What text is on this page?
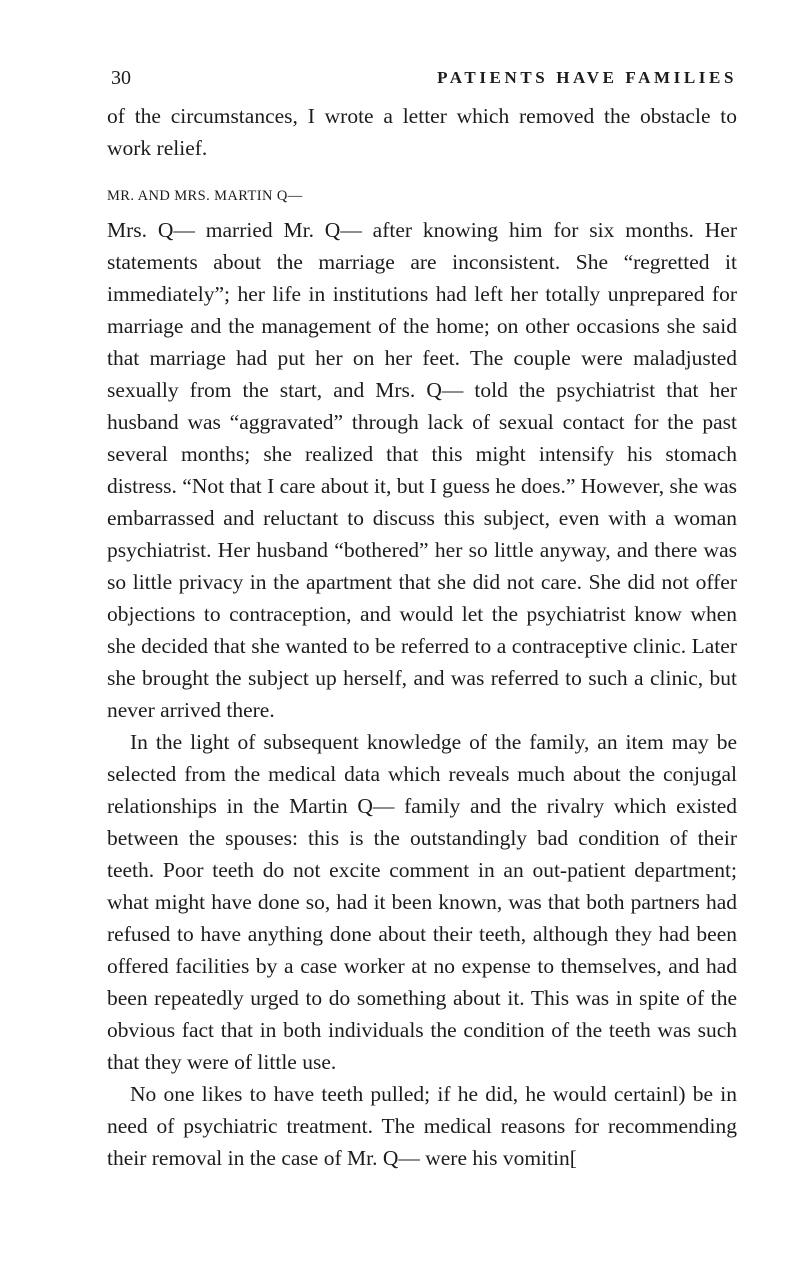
30	PATIENTS HAVE FAMILIES

of the circumstances, I wrote a letter which removed the obstacle to work relief.

MR. AND MRS. MARTIN Q—

Mrs. Q— married Mr. Q— after knowing him for six months. Her statements about the marriage are inconsistent. She “regretted it immediately”; her life in institutions had left her totally unprepared for marriage and the management of the home; on other occasions she said that marriage had put her on her feet. The couple were maladjusted sexually from the start, and Mrs. Q— told the psychiatrist that her husband was “aggravated” through lack of sexual contact for the past several months; she realized that this might intensify his stomach distress. “Not that I care about it, but I guess he does.” However, she was embarrassed and reluctant to discuss this subject, even with a woman psychiatrist. Her husband “bothered” her so little anyway, and there was so little privacy in the apartment that she did not care. She did not offer objections to contraception, and would let the psychiatrist know when she decided that she wanted to be referred to a contraceptive clinic. Later she brought the subject up herself, and was referred to such a clinic, but never arrived there.

In the light of subsequent knowledge of the family, an item may be selected from the medical data which reveals much about the conjugal relationships in the Martin Q— family and the rivalry which existed between the spouses: this is the outstandingly bad condition of their teeth. Poor teeth do not excite comment in an out-patient department; what might have done so, had it been known, was that both partners had refused to have anything done about their teeth, although they had been offered facilities by a case worker at no expense to themselves, and had been repeatedly urged to do something about it. This was in spite of the obvious fact that in both individuals the condition of the teeth was such that they were of little use.

No one likes to have teeth pulled; if he did, he would certainl) be in need of psychiatric treatment. The medical reasons for recommending their removal in the case of Mr. Q— were his vomitin[
